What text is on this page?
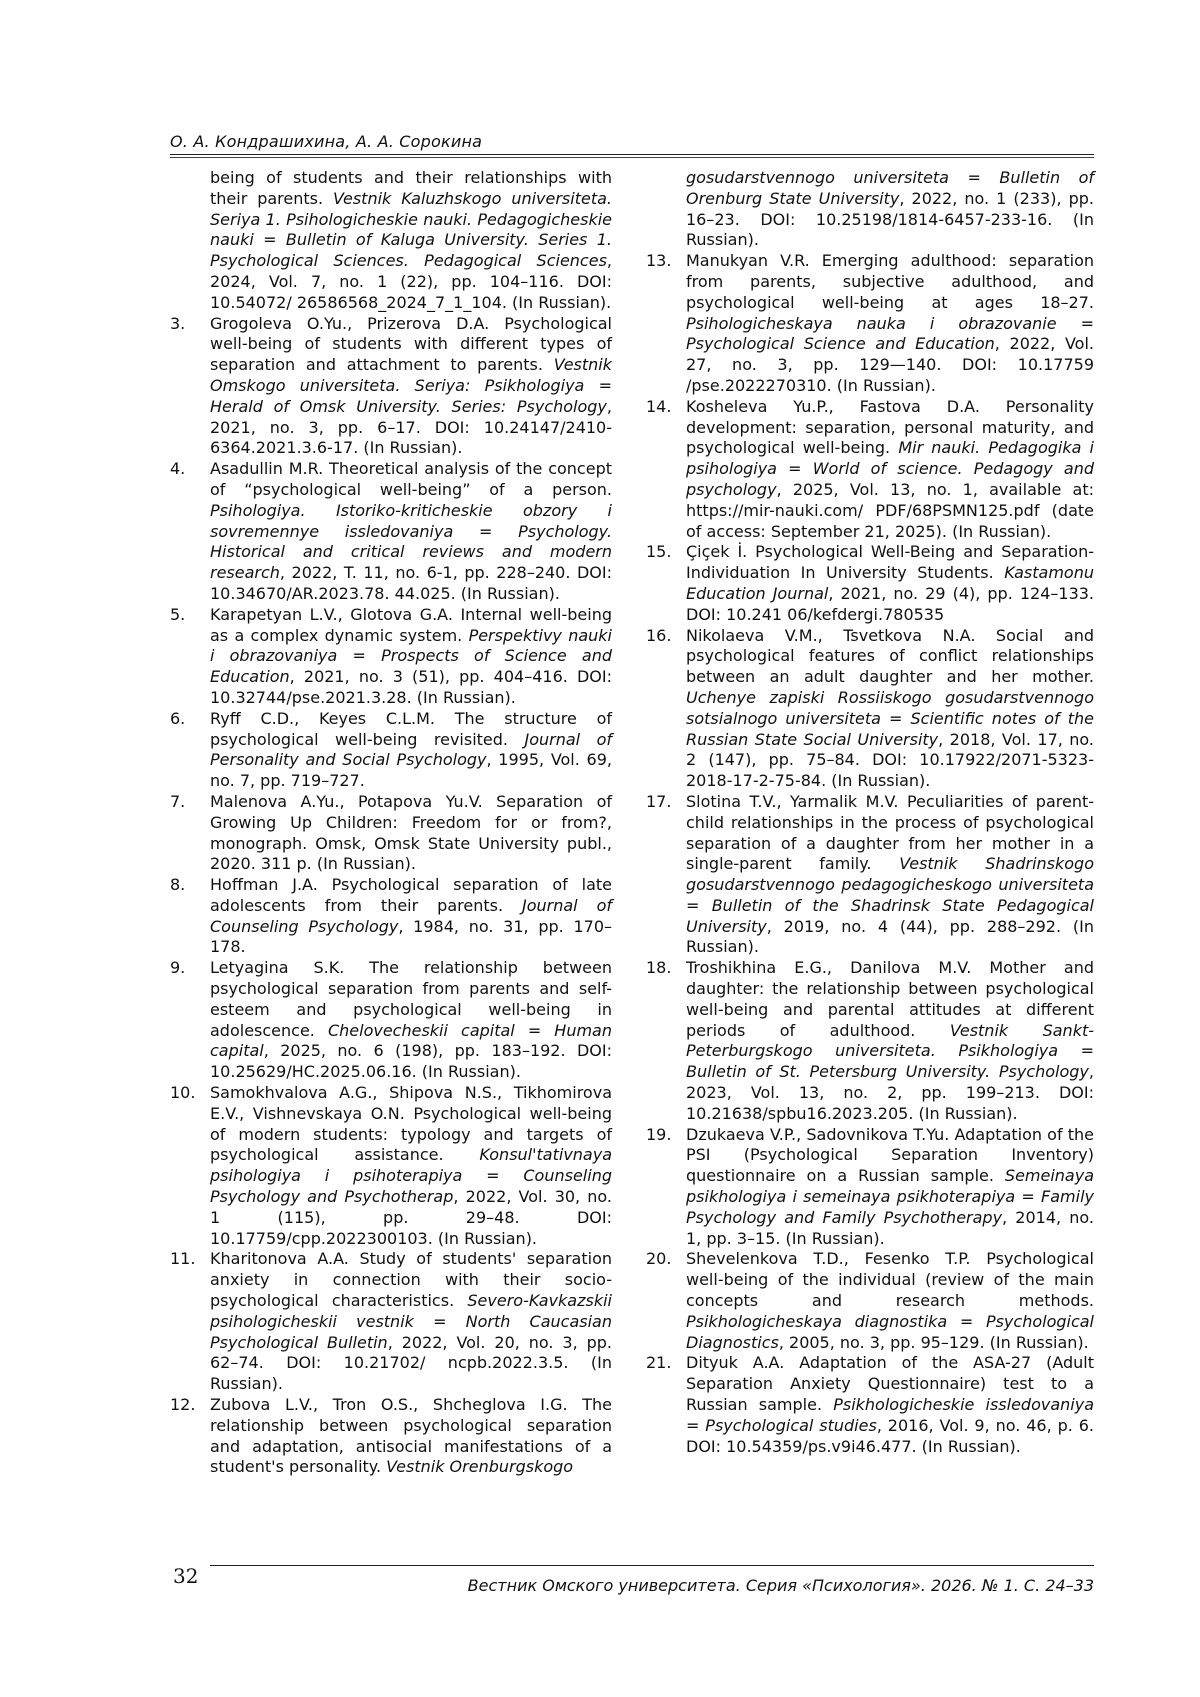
О. А. Кондрашихина, А. А. Сорокина
being of students and their relationships with their parents. Vestnik Kaluzhskogo universiteta. Seriya 1. Psihologicheskie nauki. Pedagogicheskie nauki = Bulletin of Kaluga University. Series 1. Psychological Sciences. Pedagogical Sciences, 2024, Vol. 7, no. 1 (22), pp. 104–116. DOI: 10.54072/ 26586568_2024_7_1_104. (In Russian).
3. Grogoleva O.Yu., Prizerova D.A. Psychological well-being of students with different types of separation and attachment to parents. Vestnik Omskogo universiteta. Seriya: Psikhologiya = Herald of Omsk University. Series: Psychology, 2021, no. 3, pp. 6–17. DOI: 10.24147/2410-6364.2021.3.6-17. (In Russian).
4. Asadullin M.R. Theoretical analysis of the concept of “psychological well-being” of a person. Psihologiya. Istoriko-kriticheskie obzory i sovremennye issledovaniya = Psychology. Historical and critical reviews and modern research, 2022, T. 11, no. 6-1, pp. 228–240. DOI: 10.34670/AR.2023.78. 44.025. (In Russian).
5. Karapetyan L.V., Glotova G.A. Internal well-being as a complex dynamic system. Perspektivy nauki i obrazovaniya = Prospects of Science and Education, 2021, no. 3 (51), pp. 404–416. DOI: 10.32744/pse.2021.3.28. (In Russian).
6. Ryff C.D., Keyes C.L.M. The structure of psychological well-being revisited. Journal of Personality and Social Psychology, 1995, Vol. 69, no. 7, pp. 719–727.
7. Malenova A.Yu., Potapova Yu.V. Separation of Growing Up Children: Freedom for or from?, monograph. Omsk, Omsk State University publ., 2020. 311 p. (In Russian).
8. Hoffman J.A. Psychological separation of late adolescents from their parents. Journal of Counseling Psychology, 1984, no. 31, pp. 170–178.
9. Letyagina S.K. The relationship between psychological separation from parents and self-esteem and psychological well-being in adolescence. Chelovecheskii capital = Human capital, 2025, no. 6 (198), pp. 183–192. DOI: 10.25629/HC.2025.06.16. (In Russian).
10. Samokhvalova A.G., Shipova N.S., Tikhomirova E.V., Vishnevskaya O.N. Psychological well-being of modern students: typology and targets of psychological assistance. Konsul'tativnaya psihologiya i psihoterapiya = Counseling Psychology and Psychotherap, 2022, Vol. 30, no. 1 (115), pp. 29–48. DOI: 10.17759/cpp.2022300103. (In Russian).
11. Kharitonova A.A. Study of students' separation anxiety in connection with their socio-psychological characteristics. Severo-Kavkazskii psihologicheskii vestnik = North Caucasian Psychological Bulletin, 2022, Vol. 20, no. 3, pp. 62–74. DOI: 10.21702/ ncpb.2022.3.5. (In Russian).
12. Zubova L.V., Tron O.S., Shcheglova I.G. The relationship between psychological separation and adaptation, antisocial manifestations of a student's personality. Vestnik Orenburgskogo
gosudarstvennogo universiteta = Bulletin of Orenburg State University, 2022, no. 1 (233), pp. 16–23. DOI: 10.25198/1814-6457-233-16. (In Russian).
13. Manukyan V.R. Emerging adulthood: separation from parents, subjective adulthood, and psychological well-being at ages 18–27. Psihologicheskaya nauka i obrazovanie = Psychological Science and Education, 2022, Vol. 27, no. 3, pp. 129—140. DOI: 10.17759 /pse.2022270310. (In Russian).
14. Kosheleva Yu.P., Fastova D.A. Personality development: separation, personal maturity, and psychological well-being. Mir nauki. Pedagogika i psihologiya = World of science. Pedagogy and psychology, 2025, Vol. 13, no. 1, available at: https://mir-nauki.com/ PDF/68PSMN125.pdf (date of access: September 21, 2025). (In Russian).
15. Çiçek İ. Psychological Well-Being and Separation-Individuation In University Students. Kastamonu Education Journal, 2021, no. 29 (4), pp. 124–133. DOI: 10.241 06/kefdergi.780535
16. Nikolaeva V.M., Tsvetkova N.A. Social and psychological features of conflict relationships between an adult daughter and her mother. Uchenye zapiski Rossiiskogo gosudarstvennogo sotsialnogo universiteta = Scientific notes of the Russian State Social University, 2018, Vol. 17, no. 2 (147), pp. 75–84. DOI: 10.17922/2071-5323-2018-17-2-75-84. (In Russian).
17. Slotina T.V., Yarmalik M.V. Peculiarities of parent-child relationships in the process of psychological separation of a daughter from her mother in a single-parent family. Vestnik Shadrinskogo gosudarstvennogo pedagogicheskogo universiteta = Bulletin of the Shadrinsk State Pedagogical University, 2019, no. 4 (44), pp. 288–292. (In Russian).
18. Troshikhina E.G., Danilova M.V. Mother and daughter: the relationship between psychological well-being and parental attitudes at different periods of adulthood. Vestnik Sankt-Peterburgskogo universiteta. Psikhologiya = Bulletin of St. Petersburg University. Psychology, 2023, Vol. 13, no. 2, pp. 199–213. DOI: 10.21638/spbu16.2023.205. (In Russian).
19. Dzukaeva V.P., Sadovnikova T.Yu. Adaptation of the PSI (Psychological Separation Inventory) questionnaire on a Russian sample. Semeinaya psikhologiya i semeinaya psikhoterapiya = Family Psychology and Family Psychotherapy, 2014, no. 1, pp. 3–15. (In Russian).
20. Shevelenkova T.D., Fesenko T.P. Psychological well-being of the individual (review of the main concepts and research methods. Psikhologicheskaya diagnostika = Psychological Diagnostics, 2005, no. 3, pp. 95–129. (In Russian).
21. Dityuk A.A. Adaptation of the ASA-27 (Adult Separation Anxiety Questionnaire) test to a Russian sample. Psikhologicheskie issledovaniya = Psychological studies, 2016, Vol. 9, no. 46, p. 6. DOI: 10.54359/ps.v9i46.477. (In Russian).
32	Вестник Омского университета. Серия «Психология». 2026. № 1. С. 24–33
